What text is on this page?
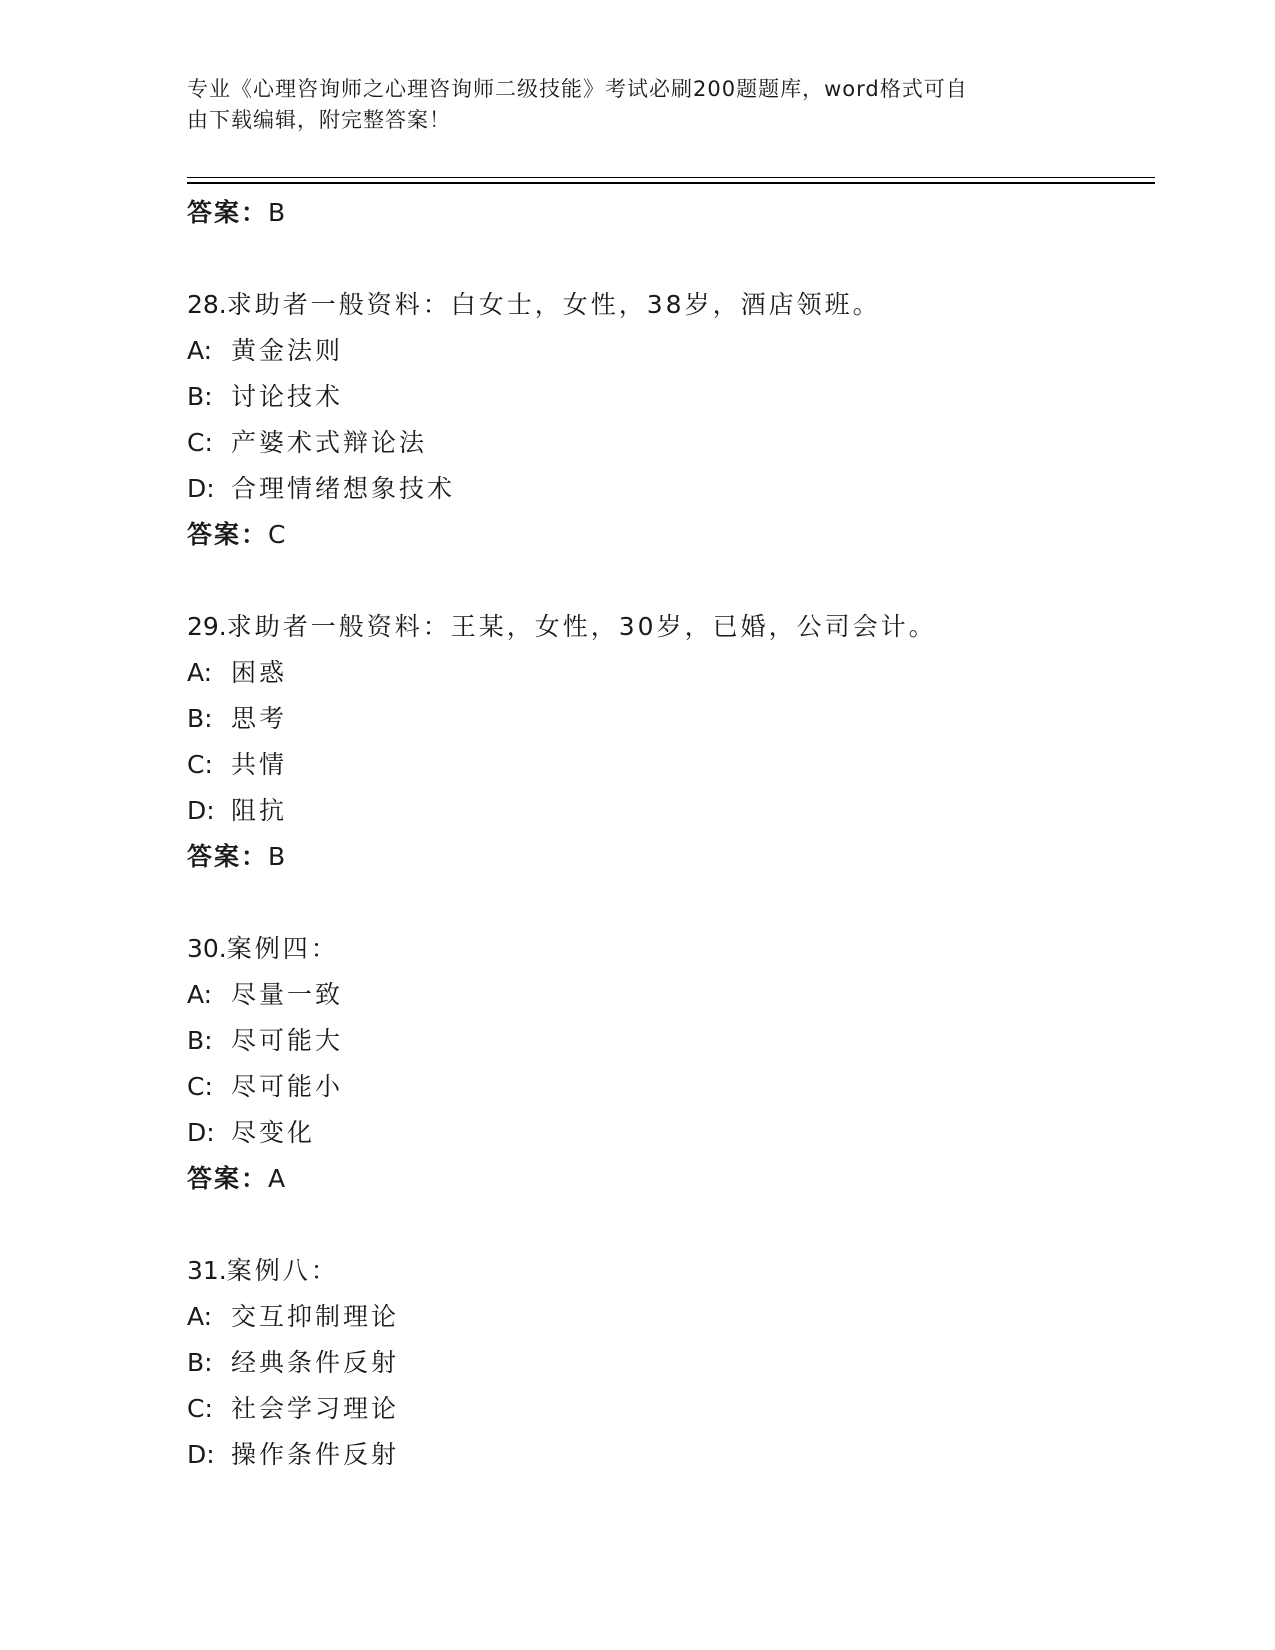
专业《心理咨询师之心理咨询师二级技能》考试必刷200题题库，word格式可自
由下载编辑，附完整答案！
答案：B
28.求助者一般资料：白女士，女性，38岁，酒店领班。
A: 黄金法则
B: 讨论技术
C: 产婆术式辩论法
D: 合理情绪想象技术
答案：C
29.求助者一般资料：王某，女性，30岁，已婚，公司会计。
A: 困惑
B: 思考
C: 共情
D: 阻抗
答案：B
30.案例四：
A: 尽量一致
B: 尽可能大
C: 尽可能小
D: 尽变化
答案：A
31.案例八：
A: 交互抑制理论
B: 经典条件反射
C: 社会学习理论
D: 操作条件反射
